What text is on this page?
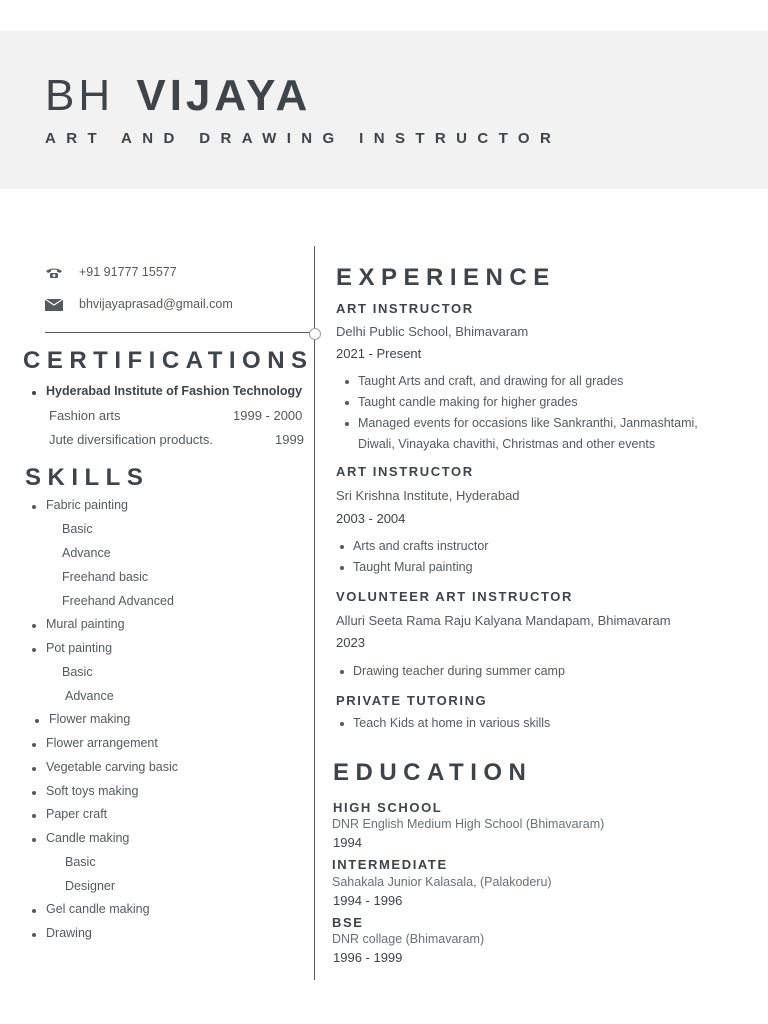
BH VIJAYA
ART AND DRAWING INSTRUCTOR
+91 91777 15577
bhvijayaprasad@gmail.com
CERTIFICATIONS
Hyderabad Institute of Fashion Technology
Fashion arts	1999 - 2000
Jute diversification products.	1999
SKILLS
Fabric painting
Basic
Advance
Freehand basic
Freehand Advanced
Mural painting
Pot painting
Basic
Advance
Flower making
Flower arrangement
Vegetable carving basic
Soft toys making
Paper craft
Candle making
Basic
Designer
Gel candle making
Drawing
EXPERIENCE
ART INSTRUCTOR
Delhi Public School, Bhimavaram
2021 - Present
Taught Arts and craft, and drawing for all grades
Taught candle making for higher grades
Managed events for occasions like Sankranthi, Janmashtami,
Diwali, Vinayaka chavithi, Christmas and other events
ART INSTRUCTOR
Sri Krishna Institute, Hyderabad
2003 - 2004
Arts and crafts instructor
Taught Mural painting
VOLUNTEER ART INSTRUCTOR
Alluri Seeta Rama Raju Kalyana Mandapam, Bhimavaram
2023
Drawing teacher during summer camp
PRIVATE TUTORING
Teach Kids at home in various skills
EDUCATION
HIGH SCHOOL
DNR English Medium High School (Bhimavaram)
1994
INTERMEDIATE
Sahakala Junior Kalasala, (Palakoderu)
1994 - 1996
BSE
DNR collage (Bhimavaram)
1996 - 1999
